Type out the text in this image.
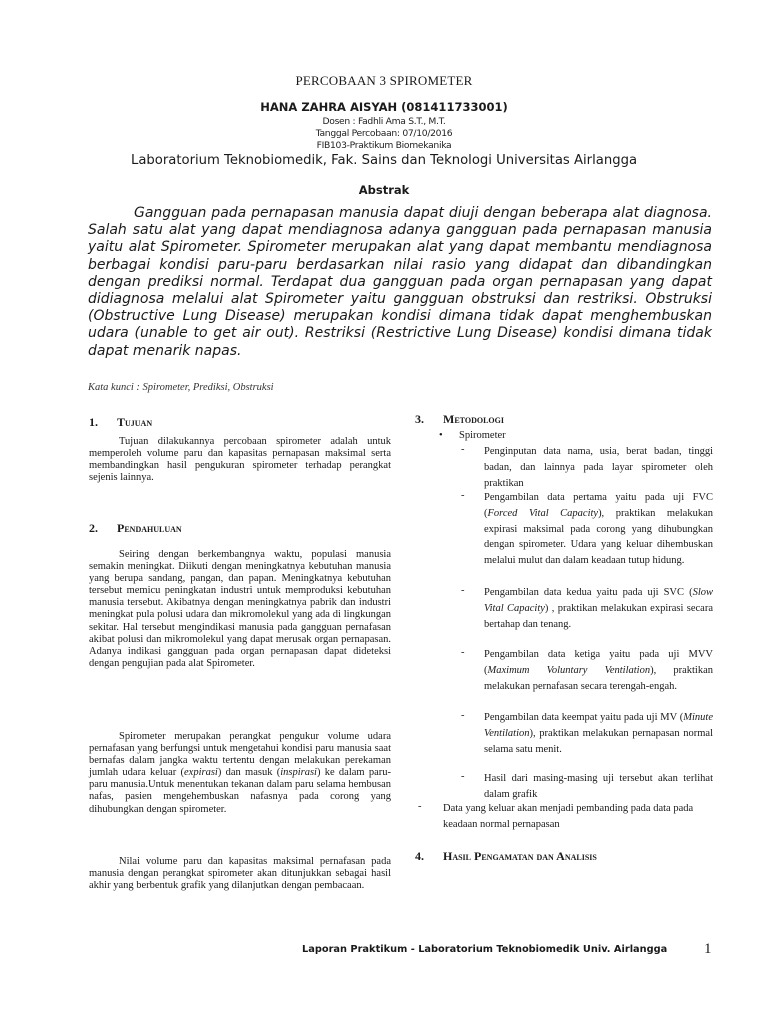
PERCOBAAN 3 SPIROMETER
HANA ZAHRA AISYAH (081411733001)
Dosen : Fadhli Ama S.T., M.T.
Tanggal Percobaan: 07/10/2016
FIB103-Praktikum Biomekanika
Laboratorium Teknobiomedik, Fak. Sains dan Teknologi Universitas Airlangga
Abstrak

Gangguan pada pernapasan manusia dapat diuji dengan beberapa alat diagnosa. Salah satu alat yang dapat mendiagnosa adanya gangguan pada pernapasan manusia yaitu alat Spirometer. Spirometer merupakan alat yang dapat membantu mendiagnosa berbagai kondisi paru-paru berdasarkan nilai rasio yang didapat dan dibandingkan dengan prediksi normal. Terdapat dua gangguan pada organ pernapasan yang dapat didiagnosa melalui alat Spirometer yaitu gangguan obstruksi dan restriksi. Obstruksi (Obstructive Lung Disease) merupakan kondisi dimana tidak dapat menghembuskan udara (unable to get air out). Restriksi (Restrictive Lung Disease) kondisi dimana tidak dapat menarik napas.

Kata kunci : Spirometer, Prediksi, Obstruksi
1. Tujuan

Tujuan dilakukannya percobaan spirometer adalah untuk memperoleh volume paru dan kapasitas pernapasan maksimal serta membandingkan hasil pengukuran spirometer terhadap perangkat sejenis lainnya.

2. Pendahuluan

Seiring dengan berkembangnya waktu, populasi manusia semakin meningkat. Diikuti dengan meningkatnya kebutuhan manusia yang berupa sandang, pangan, dan papan. Meningkatnya kebutuhan tersebut memicu peningkatan industri untuk memproduksi kebutuhan manusia tersebut. Akibatnya dengan meningkatnya pabrik dan industri meningkat pula polusi udara dan mikromolekul yang ada di lingkungan sekitar. Hal tersebut mengindikasi manusia pada gangguan pernafasan akibat polusi dan mikromolekul yang dapat merusak organ pernapasan. Adanya indikasi gangguan pada organ pernapasan dapat dideteksi dengan pengujian pada alat Spirometer.

Spirometer merupakan perangkat pengukur volume udara pernafasan yang berfungsi untuk mengetahui kondisi paru manusia saat bernafas dalam jangka waktu tertentu dengan melakukan perekaman jumlah udara keluar (expirasi) dan masuk (inspirasi) ke dalam paru-paru manusia.Untuk menentukan tekanan dalam paru selama hembusan nafas, pasien mengehembuskan nafasnya pada corong yang dihubungkan dengan spirometer.

Nilai volume paru dan kapasitas maksimal pernafasan pada manusia dengan perangkat spirometer akan ditunjukkan sebagai hasil akhir yang berbentuk grafik yang dilanjutkan dengan pembacaan.

3. Metodologi
• Spirometer
- Penginputan data nama, usia, berat badan, tinggi badan, dan lainnya pada layar spirometer oleh praktikan
- Pengambilan data pertama yaitu pada uji FVC (Forced Vital Capacity), praktikan melakukan expirasi maksimal pada corong yang dihubungkan dengan spirometer. Udara yang keluar dihembuskan melalui mulut dan dalam keadaan tutup hidung.
- Pengambilan data kedua yaitu pada uji SVC (Slow Vital Capacity) , praktikan melakukan expirasi secara bertahap dan tenang.
- Pengambilan data ketiga yaitu pada uji MVV (Maximum Voluntary Ventilation), praktikan melakukan pernafasan secara terengah-engah.
- Pengambilan data keempat yaitu pada uji MV (Minute Ventilation), praktikan melakukan pernapasan normal selama satu menit.
- Hasil dari masing-masing uji tersebut akan terlihat dalam grafik
- Data yang keluar akan menjadi pembanding pada data pada keadaan normal pernapasan
4. Hasil Pengamatan dan Analisis
Laporan Praktikum - Laboratorium Teknobiomedik Univ. Airlangga 1
